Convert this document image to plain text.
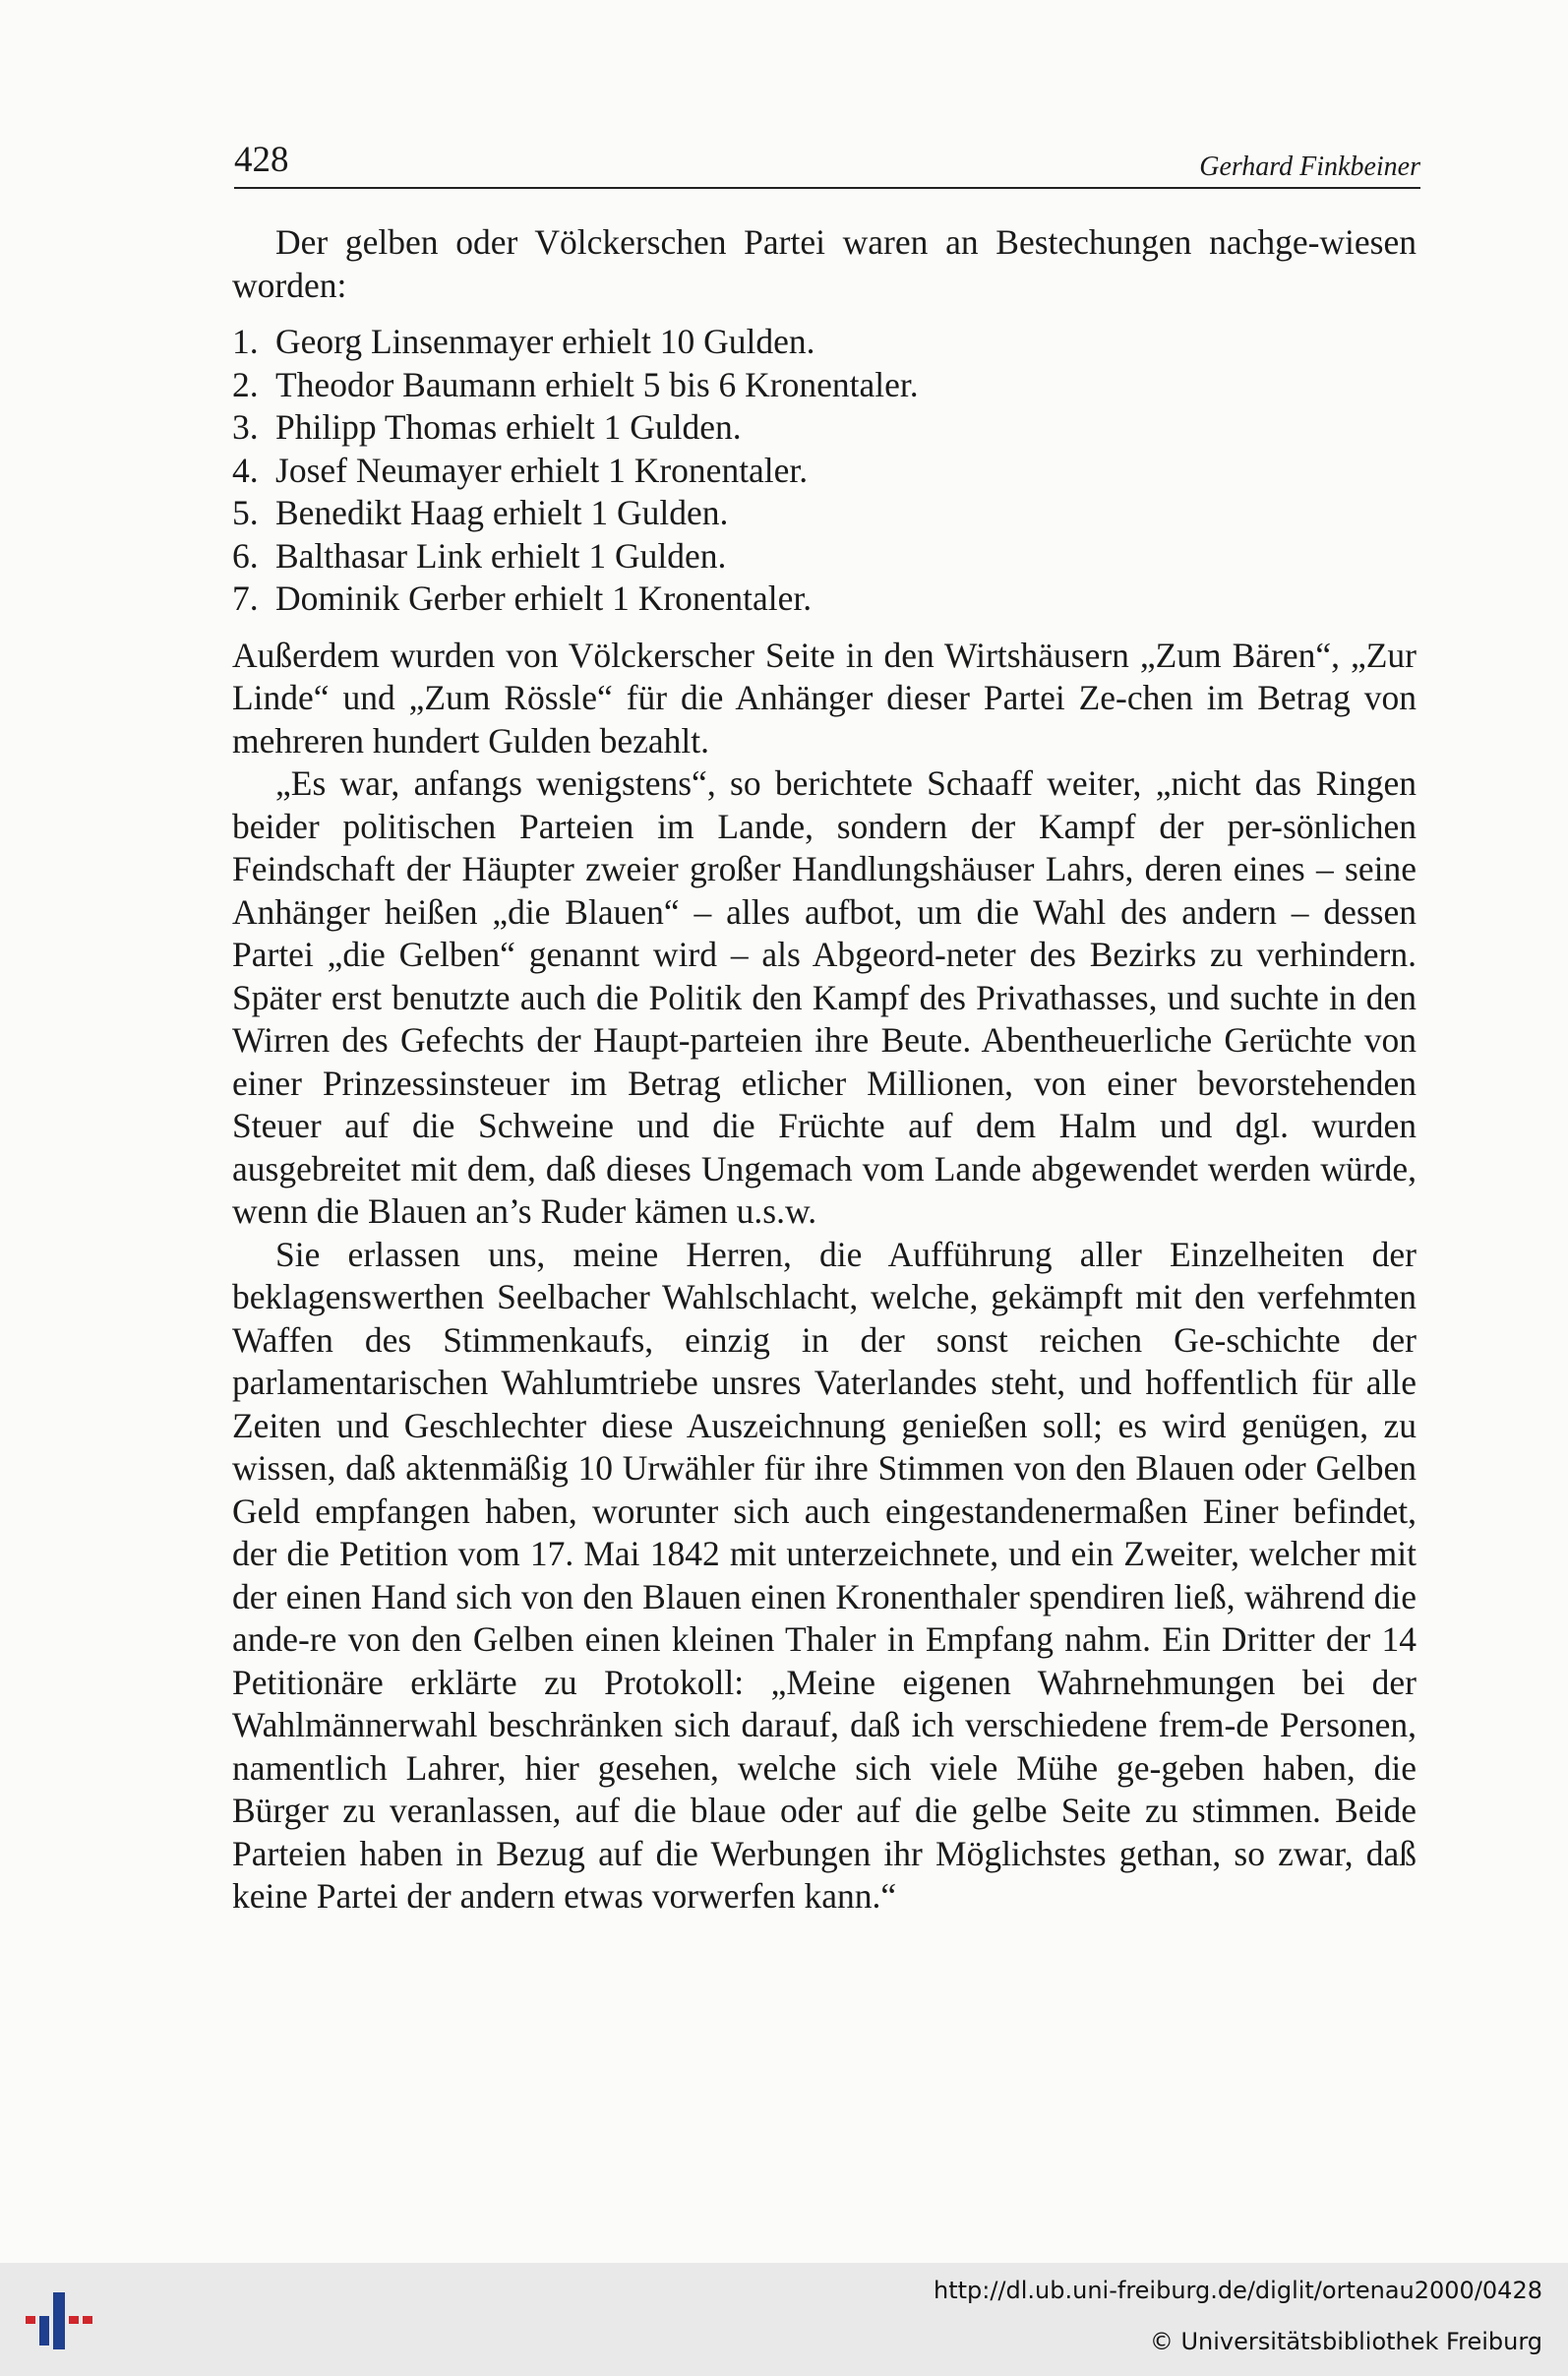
428	Gerhard Finkbeiner

Der gelben oder Völckerschen Partei waren an Bestechungen nachge-wiesen worden:

1. Georg Linsenmayer erhielt 10 Gulden.
2. Theodor Baumann erhielt 5 bis 6 Kronentaler.
3. Philipp Thomas erhielt 1 Gulden.
4. Josef Neumayer erhielt 1 Kronentaler.
5. Benedikt Haag erhielt 1 Gulden.
6. Balthasar Link erhielt 1 Gulden.
7. Dominik Gerber erhielt 1 Kronentaler.

Außerdem wurden von Völckerscher Seite in den Wirtshäusern „Zum Bären“, „Zur Linde“ und „Zum Rössle“ für die Anhänger dieser Partei Ze-chen im Betrag von mehreren hundert Gulden bezahlt.

„Es war, anfangs wenigstens“, so berichtete Schaaff weiter, „nicht das Ringen beider politischen Parteien im Lande, sondern der Kampf der per-sönlichen Feindschaft der Häupter zweier großer Handlungshäuser Lahrs, deren eines – seine Anhänger heißen „die Blauen“ – alles aufbot, um die Wahl des andern – dessen Partei „die Gelben“ genannt wird – als Abgeord-neter des Bezirks zu verhindern. Später erst benutzte auch die Politik den Kampf des Privathasses, und suchte in den Wirren des Gefechts der Haupt-parteien ihre Beute. Abentheuerliche Gerüchte von einer Prinzessinsteuer im Betrag etlicher Millionen, von einer bevorstehenden Steuer auf die Schweine und die Früchte auf dem Halm und dgl. wurden ausgebreitet mit dem, daß dieses Ungemach vom Lande abgewendet werden würde, wenn die Blauen an’s Ruder kämen u.s.w.

Sie erlassen uns, meine Herren, die Aufführung aller Einzelheiten der beklagenswerthen Seelbacher Wahlschlacht, welche, gekämpft mit den verfehmten Waffen des Stimmenkaufs, einzig in der sonst reichen Ge-schichte der parlamentarischen Wahlumtriebe unsres Vaterlandes steht, und hoffentlich für alle Zeiten und Geschlechter diese Auszeichnung genießen soll; es wird genügen, zu wissen, daß aktenmäßig 10 Urwähler für ihre Stimmen von den Blauen oder Gelben Geld empfangen haben, worunter sich auch eingestandenermaßen Einer befindet, der die Petition vom 17. Mai 1842 mit unterzeichnete, und ein Zweiter, welcher mit der einen Hand sich von den Blauen einen Kronenthaler spendiren ließ, während die ande-re von den Gelben einen kleinen Thaler in Empfang nahm. Ein Dritter der 14 Petitionäre erklärte zu Protokoll: „Meine eigenen Wahrnehmungen bei der Wahlmännerwahl beschränken sich darauf, daß ich verschiedene frem-de Personen, namentlich Lahrer, hier gesehen, welche sich viele Mühe ge-geben haben, die Bürger zu veranlassen, auf die blaue oder auf die gelbe Seite zu stimmen. Beide Parteien haben in Bezug auf die Werbungen ihr Möglichstes gethan, so zwar, daß keine Partei der andern etwas vorwerfen kann.“

http://dl.ub.uni-freiburg.de/diglit/ortenau2000/0428
© Universitätsbibliothek Freiburg
